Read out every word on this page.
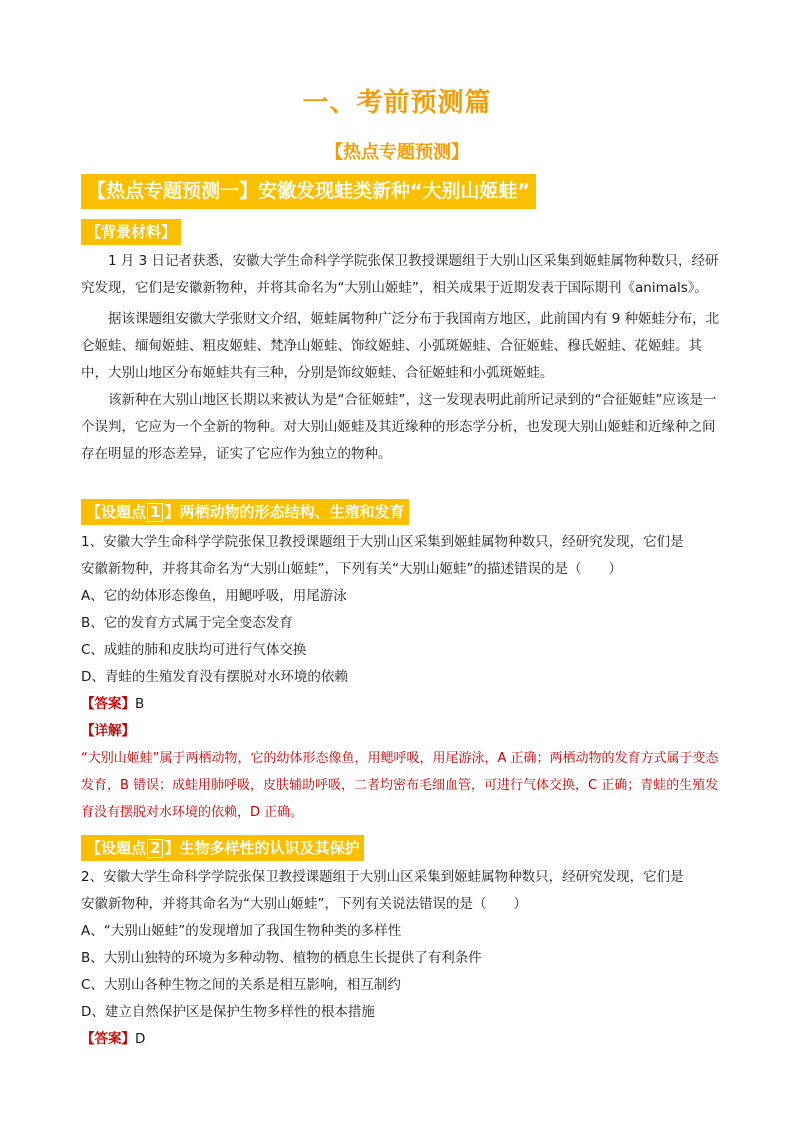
一、考前预测篇
【热点专题预测】
【热点专题预测一】安徽发现蛙类新种“大别山姬蛙”
【背景材料】

1 月 3 日记者获悉，安徽大学生命科学学院张保卫教授课题组于大别山区采集到姬蛙属物种数只，经研究发现，它们是安徽新物种，并将其命名为“大别山姬蛙”，相关成果于近期发表于国际期刊《animals》。

据该课题组安徽大学张财文介绍，姬蛙属物种广泛分布于我国南方地区，此前国内有 9 种姬蛙分布，北仑姬蛙、缅甸姬蛙、粗皮姬蛙、梵净山姬蛙、饰纹姬蛙、小弧斑姬蛙、合征姬蛙、穆氏姬蛙、花姬蛙。其中，大别山地区分布姬蛙共有三种，分别是饰纹姬蛙、合征姬蛙和小弧斑姬蛙。

该新种在大别山地区长期以来被认为是“合征姬蛙”，这一发现表明此前所记录到的“合征姬蛙”应该是一个误判，它应为一个全新的物种。对大别山姬蛙及其近缘种的形态学分析，也发现大别山姬蛙和近缘种之间存在明显的形态差异，证实了它应作为独立的物种。

【设题点 1 】两栖动物的形态结构、生殖和发育
1、安徽大学生命科学学院张保卫教授课题组于大别山区采集到姬蛙属物种数只，经研究发现，它们是
安徽新物种，并将其命名为“大别山姬蛙”，下列有关“大别山姬蛙”的描述错误的是（　　）
A、它的幼体形态像鱼，用鳃呼吸，用尾游泳
B、它的发育方式属于完全变态发育
C、成蛙的肺和皮肤均可进行气体交换
D、青蛙的生殖发育没有摆脱对水环境的依赖
【答案】B
【详解】

“大别山姬蛙”属于两栖动物，它的幼体形态像鱼，用鳃呼吸，用尾游泳，A 正确；两栖动物的发育方式属于变态发育，B 错误；成蛙用肺呼吸，皮肤辅助呼吸，二者均密布毛细血管，可进行气体交换，C 正确；青蛙的生殖发育没有摆脱对水环境的依赖，D 正确。

【设题点 2 】生物多样性的认识及其保护
2、安徽大学生命科学学院张保卫教授课题组于大别山区采集到姬蛙属物种数只，经研究发现，它们是
安徽新物种，并将其命名为“大别山姬蛙”，下列有关说法错误的是（　　）
A、“大别山姬蛙”的发现增加了我国生物种类的多样性
B、大别山独特的环境为多种动物、植物的栖息生长提供了有利条件
C、大别山各种生物之间的关系是相互影响，相互制约
D、建立自然保护区是保护生物多样性的根本措施
【答案】D
